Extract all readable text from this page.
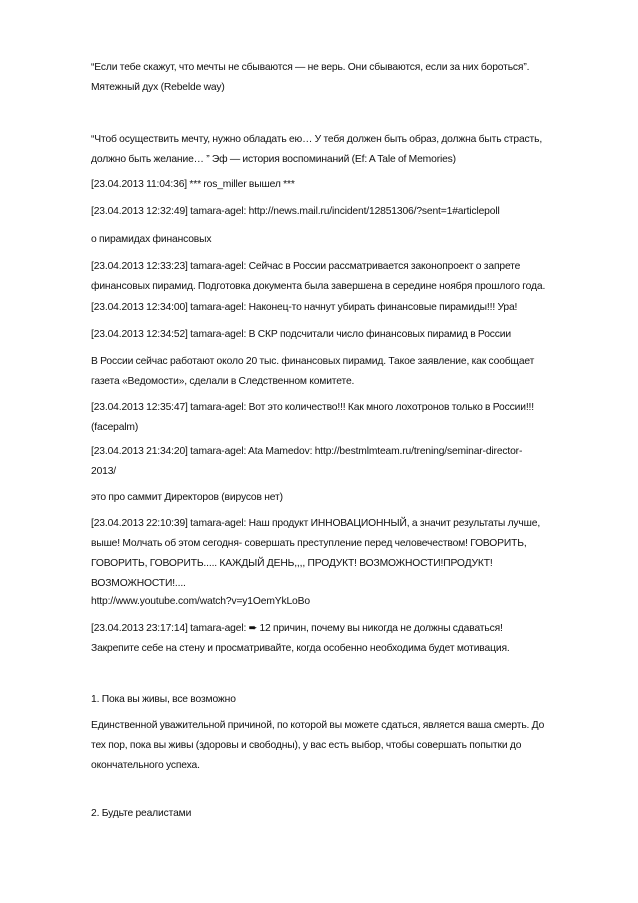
“Если тебе скажут, что мечты не сбываются — не верь. Они сбываются, если за них бороться”.
Мятежный дух (Rebelde way)
“Чтоб осуществить мечту, нужно обладать ею… У тебя должен быть образ, должна быть страсть,
должно быть желание… ” Эф — история воспоминаний (Ef: A Tale of Memories)
[23.04.2013 11:04:36] *** ros_miller вышел ***
[23.04.2013 12:32:49] tamara-agel: http://news.mail.ru/incident/12851306/?sent=1#articlepoll
о пирамидах финансовых
[23.04.2013 12:33:23] tamara-agel: Сейчас в России рассматривается законопроект о запрете
финансовых пирамид. Подготовка документа была завершена в середине ноября прошлого года.
[23.04.2013 12:34:00] tamara-agel: Наконец-то начнут убирать финансовые пирамиды!!! Ура!
[23.04.2013 12:34:52] tamara-agel: В СКР подсчитали число финансовых пирамид в России
В России сейчас работают около 20 тыс. финансовых пирамид. Такое заявление, как сообщает
газета «Ведомости», сделали в Следственном комитете.
[23.04.2013 12:35:47] tamara-agel: Вот это количество!!! Как много лохотронов только в России!!!
(facepalm)
[23.04.2013 21:34:20] tamara-agel: Ata Mamedov: http://bestmlmteam.ru/trening/seminar-director-
2013/
это про саммит Директоров (вирусов нет)
[23.04.2013 22:10:39] tamara-agel: Наш продукт ИННОВАЦИОННЫЙ, а значит результаты лучше,
выше! Молчать об этом сегодня- совершать преступление перед человечеством! ГОВОРИТЬ,
ГОВОРИТЬ, ГОВОРИТЬ..... КАЖДЫЙ ДЕНЬ,,,, ПРОДУКТ! ВОЗМОЖНОСТИ!ПРОДУКТ!
ВОЗМОЖНОСТИ!....
http://www.youtube.com/watch?v=y1OemYkLoBo
[23.04.2013 23:17:14] tamara-agel: ➨ 12 причин, почему вы никогда не должны сдаваться!
Закрепите себе на стену и просматривайте, когда особенно необходима будет мотивация.
1. Пока вы живы, все возможно
Единственной уважительной причиной, по которой вы можете сдаться, является ваша смерть. До
тех пор, пока вы живы (здоровы и свободны), у вас есть выбор, чтобы совершать попытки до
окончательного успеха.
2. Будьте реалистами
